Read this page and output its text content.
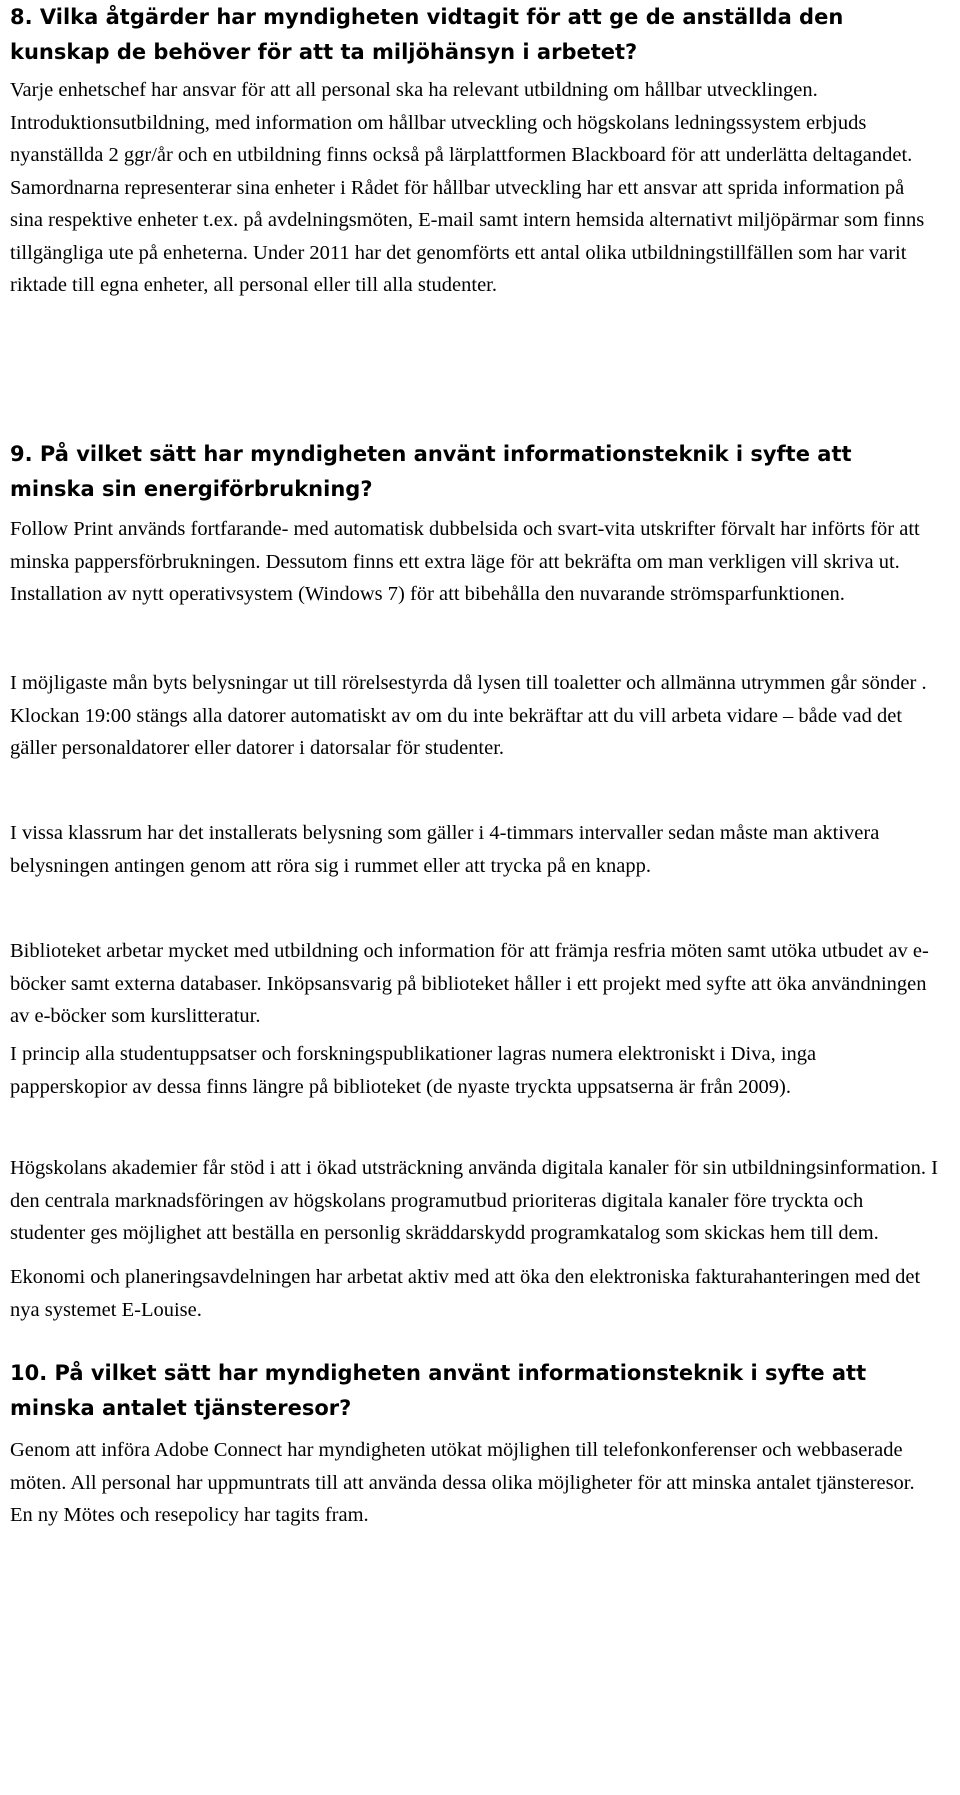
8. Vilka åtgärder har myndigheten vidtagit för att ge de anställda den kunskap de behöver för att ta miljöhänsyn i arbetet?

Varje enhetschef har ansvar för att all personal ska ha relevant utbildning om hållbar utvecklingen. Introduktionsutbildning, med information om hållbar utveckling och högskolans ledningssystem erbjuds nyanställda 2 ggr/år och en utbildning finns också på lärplattformen Blackboard för att underlätta deltagandet. Samordnarna representerar sina enheter i Rådet för hållbar utveckling har ett ansvar att sprida information på sina respektive enheter t.ex. på avdelningsmöten, E-mail samt intern hemsida alternativt miljöpärmar som finns tillgängliga ute på enheterna. Under 2011 har det genomförts ett antal olika utbildningstillfällen som har varit riktade till egna enheter, all personal eller till alla studenter.

9. På vilket sätt har myndigheten använt informationsteknik i syfte att minska sin energiförbrukning?

Follow Print används fortfarande- med automatisk dubbelsida och svart-vita utskrifter förvalt har införts för att minska pappersförbrukningen. Dessutom finns ett extra läge för att bekräfta om man verkligen vill skriva ut. Installation av nytt operativsystem (Windows 7) för att bibehålla den nuvarande strömsparfunktionen.

I möjligaste mån byts belysningar ut till rörelsestyrda då lysen till toaletter och allmänna utrymmen går sönder . Klockan 19:00 stängs alla datorer automatiskt av om du inte bekräftar att du vill arbeta vidare – både vad det gäller personaldatorer eller datorer i datorsalar för studenter.

I vissa klassrum har det installerats belysning som gäller i 4-timmars intervaller sedan måste man aktivera belysningen antingen genom att röra sig i rummet eller att trycka på en knapp.

Biblioteket arbetar mycket med utbildning och information för att främja resfria möten samt utöka utbudet av e-böcker samt externa databaser. Inköpsansvarig på biblioteket håller i ett projekt med syfte att öka användningen av e-böcker som kurslitteratur.

I princip alla studentuppsatser och forskningspublikationer lagras numera elektroniskt i Diva, inga papperskopior av dessa finns längre på biblioteket (de nyaste tryckta uppsatserna är från 2009).

Högskolans akademier får stöd i att i ökad utsträckning använda digitala kanaler för sin utbildningsinformation. I den centrala marknadsföringen av högskolans programutbud prioriteras digitala kanaler före tryckta och studenter ges möjlighet att beställa en personlig skräddarskydd programkatalog som skickas hem till dem.

Ekonomi och planeringsavdelningen har arbetat aktiv med att öka den elektroniska fakturahanteringen med det nya systemet E-Louise.

10. På vilket sätt har myndigheten använt informationsteknik i syfte att minska antalet tjänsteresor?

Genom att införa Adobe Connect har myndigheten utökat möjlighen till telefonkonferenser och webbaserade möten. All personal har uppmuntrats till att använda dessa olika möjligheter för att minska antalet tjänsteresor. En ny Mötes och resepolicy har tagits fram.
